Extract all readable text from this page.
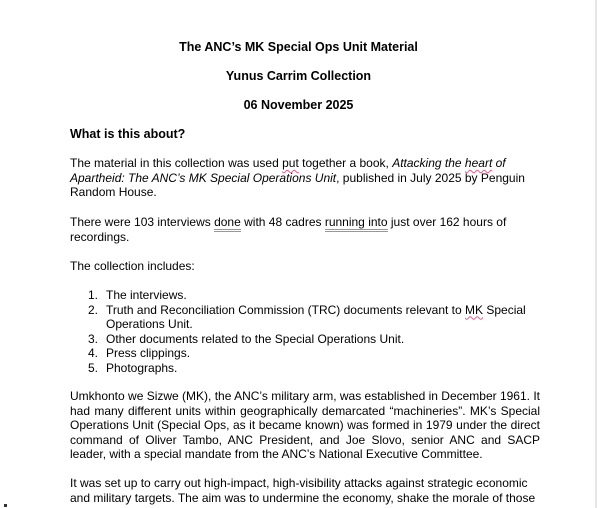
The ANC’s MK Special Ops Unit Material
Yunus Carrim Collection
06 November 2025
What is this about?
The material in this collection was used put together a book, Attacking the heart of Apartheid: The ANC’s MK Special Operations Unit, published in July 2025 by Penguin Random House.
There were 103 interviews done with 48 cadres running into just over 162 hours of recordings.
The collection includes:
1. The interviews.
2. Truth and Reconciliation Commission (TRC) documents relevant to MK Special Operations Unit.
3. Other documents related to the Special Operations Unit.
4. Press clippings.
5. Photographs.
Umkhonto we Sizwe (MK), the ANC’s military arm, was established in December 1961. It had many different units within geographically demarcated “machineries”. MK’s Special Operations Unit (Special Ops, as it became known) was formed in 1979 under the direct command of Oliver Tambo, ANC President, and Joe Slovo, senior ANC and SACP leader, with a special mandate from the ANC’s National Executive Committee.
It was set up to carry out high-impact, high-visibility attacks against strategic economic and military targets. The aim was to undermine the economy, shake the morale of those
